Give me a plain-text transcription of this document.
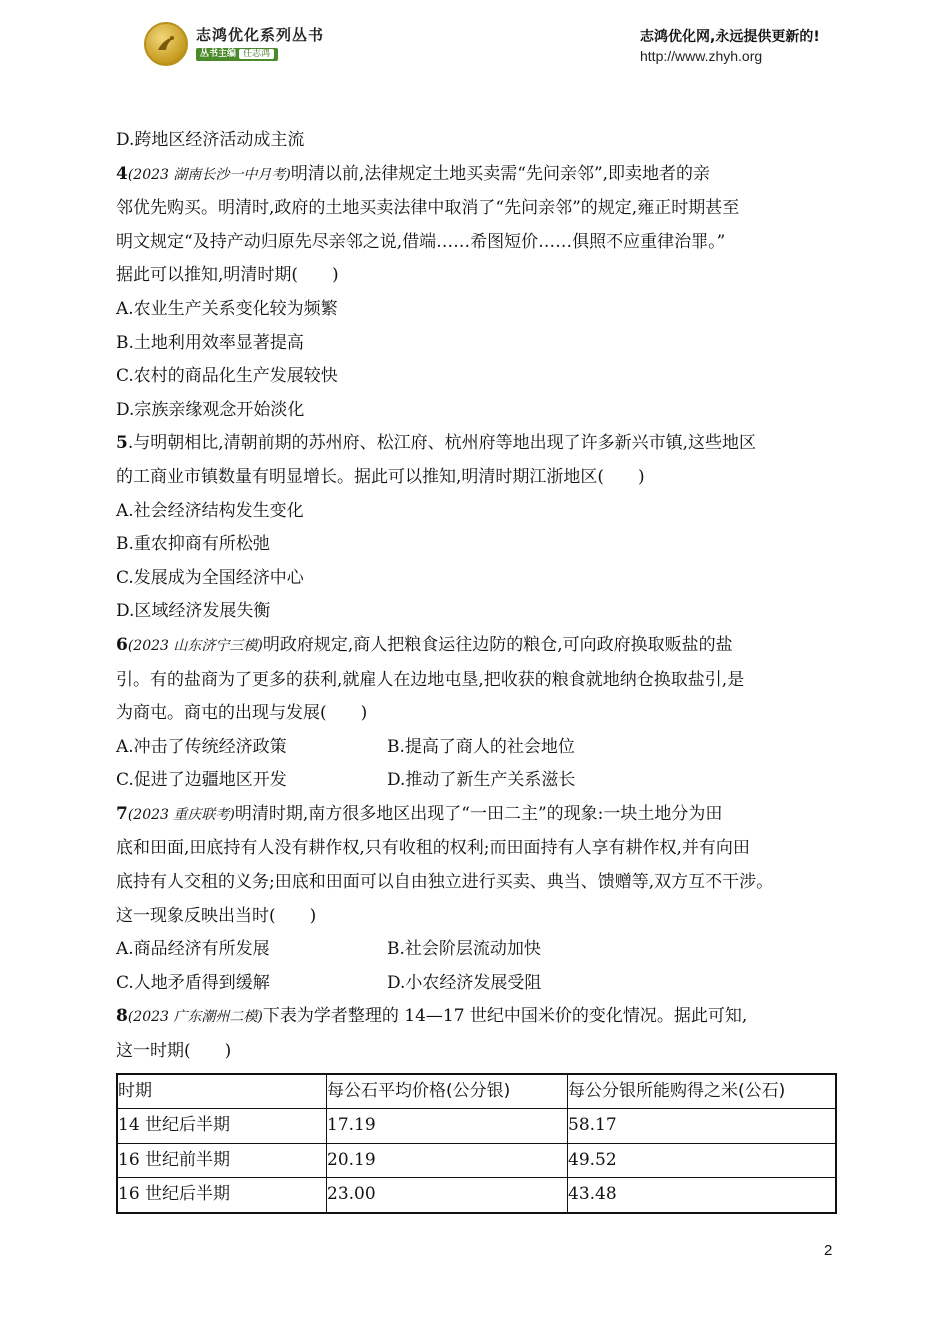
志鸿优化系列丛书
丛书主编 任志鸿
志鸿优化网,永远提供更新的!
http://www.zhyh.org
D.跨地区经济活动成主流
4(2023 湖南长沙一中月考)明清以前,法律规定土地买卖需“先问亲邻”,即卖地者的亲
邻优先购买。明清时,政府的土地买卖法律中取消了“先问亲邻”的规定,雍正时期甚至
明文规定“及持产动归原先尽亲邻之说,借端……希图短价……俱照不应重律治罪。”
据此可以推知,明清时期(　　)
A.农业生产关系变化较为频繁
B.土地利用效率显著提高
C.农村的商品化生产发展较快
D.宗族亲缘观念开始淡化
5.与明朝相比,清朝前期的苏州府、松江府、杭州府等地出现了许多新兴市镇,这些地区
的工商业市镇数量有明显增长。据此可以推知,明清时期江浙地区(　　)
A.社会经济结构发生变化
B.重农抑商有所松弛
C.发展成为全国经济中心
D.区域经济发展失衡
6(2023 山东济宁三模)明政府规定,商人把粮食运往边防的粮仓,可向政府换取贩盐的盐
引。有的盐商为了更多的获利,就雇人在边地屯垦,把收获的粮食就地纳仓换取盐引,是
为商屯。商屯的出现与发展(　　)
A.冲击了传统经济政策	B.提高了商人的社会地位
C.促进了边疆地区开发	D.推动了新生产关系滋长
7(2023 重庆联考)明清时期,南方很多地区出现了“一田二主”的现象:一块土地分为田
底和田面,田底持有人没有耕作权,只有收租的权利;而田面持有人享有耕作权,并有向田
底持有人交租的义务;田底和田面可以自由独立进行买卖、典当、馈赠等,双方互不干涉。
这一现象反映出当时(　　)
A.商品经济有所发展	B.社会阶层流动加快
C.人地矛盾得到缓解	D.小农经济发展受阻
8(2023 广东潮州二模)下表为学者整理的 14—17 世纪中国米价的变化情况。据此可知,
这一时期(　　)
时期	每公石平均价格(公分银)	每公分银所能购得之米(公石)
14 世纪后半期	17.19	58.17
16 世纪前半期	20.19	49.52
16 世纪后半期	23.00	43.48
2
